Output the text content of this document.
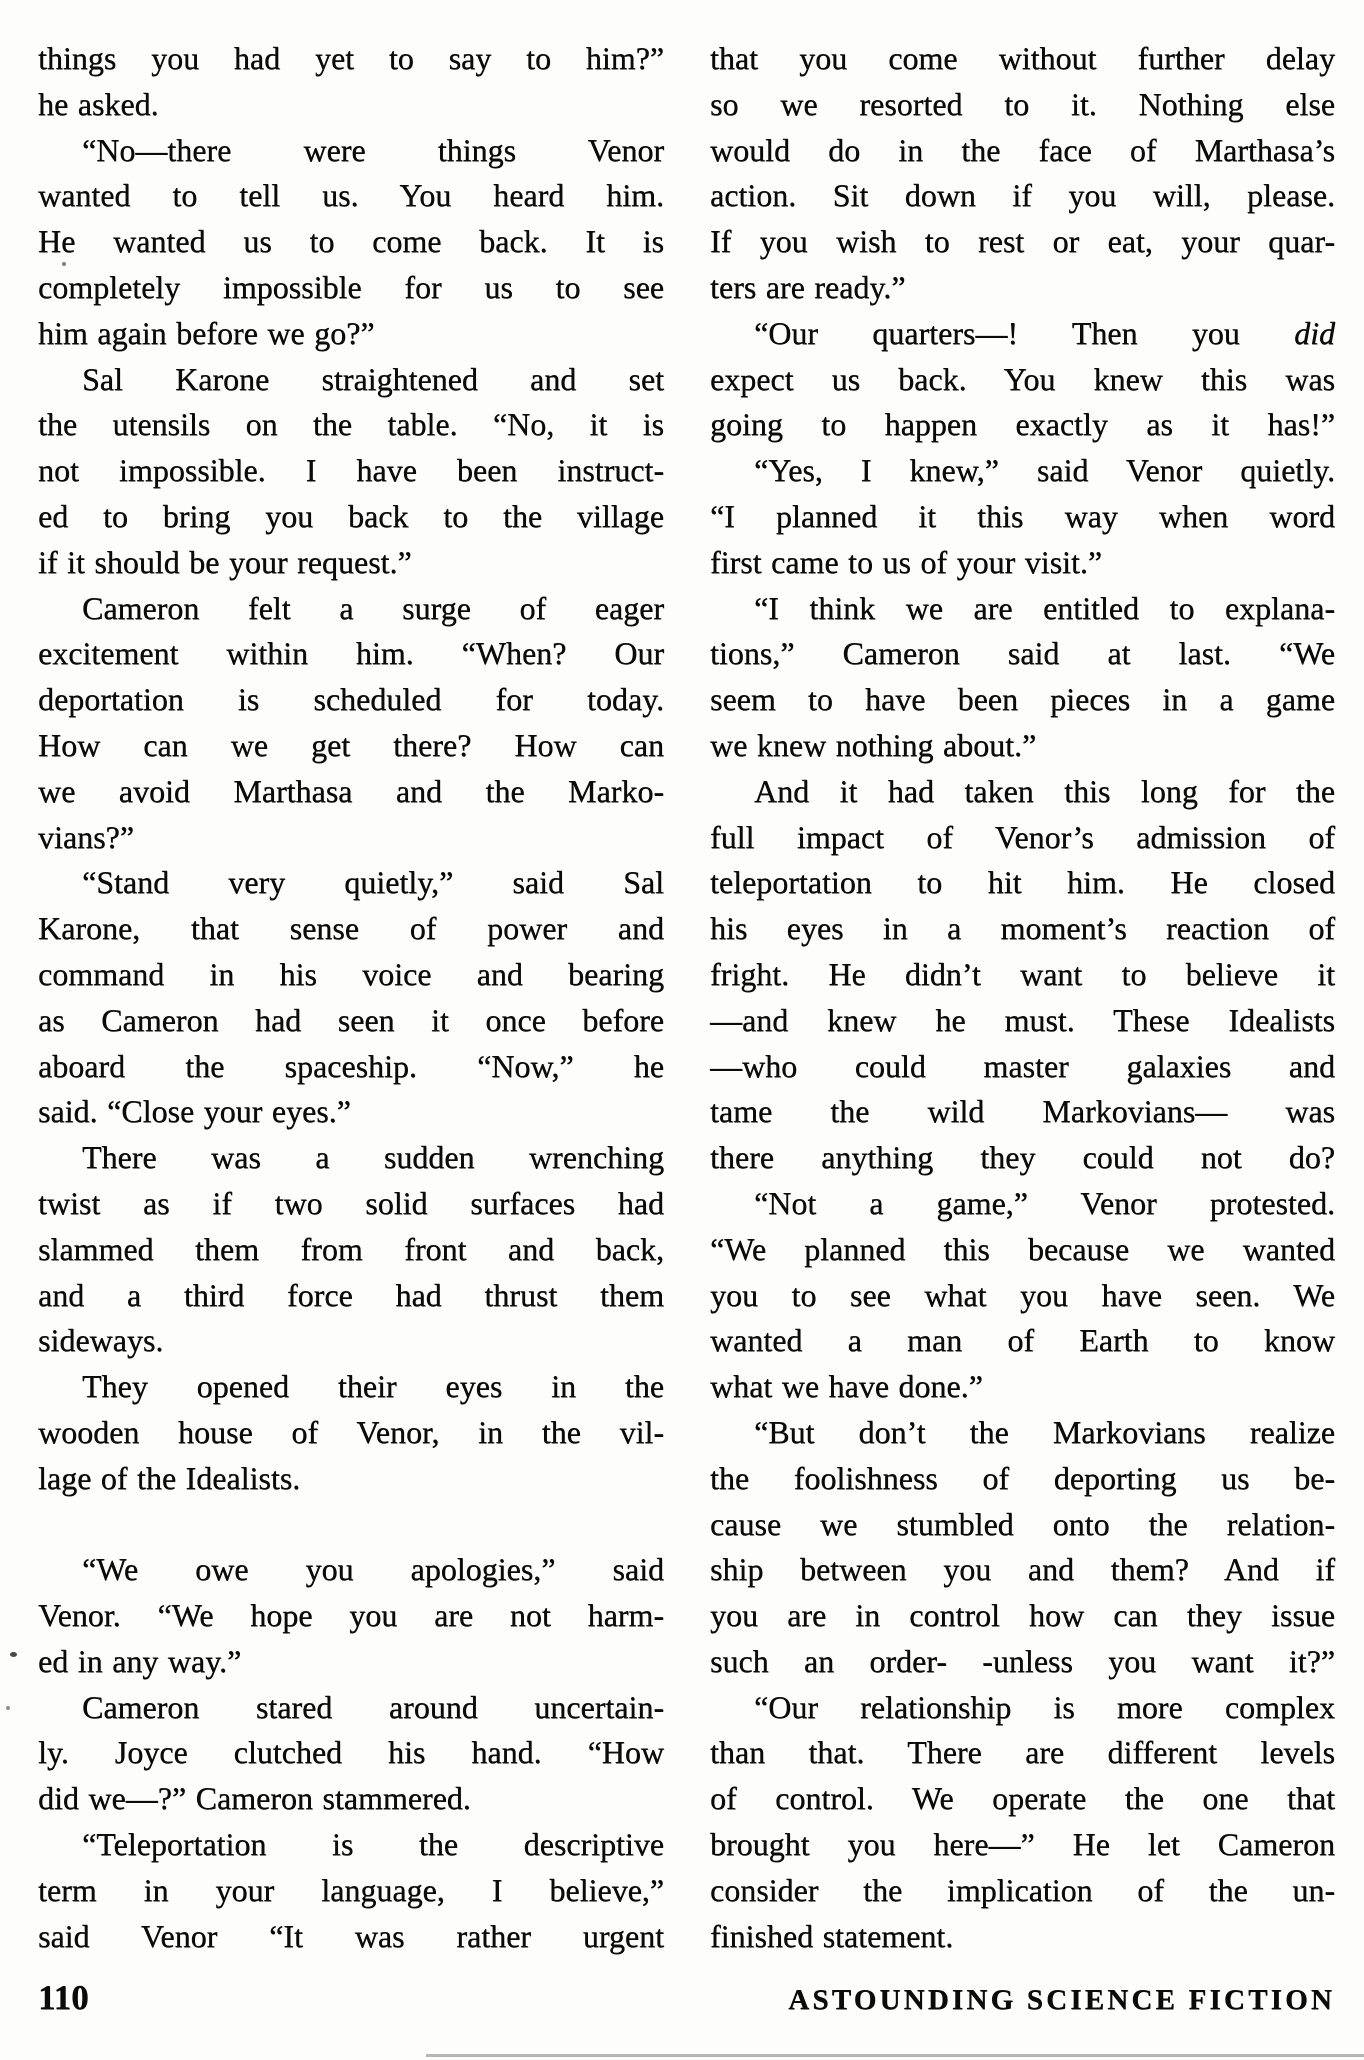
things you had yet to say to him?”
he asked.
“No—there were things Venor
wanted to tell us. You heard him.
He wanted us to come back. It is
completely impossible for us to see
him again before we go?”
Sal Karone straightened and set
the utensils on the table. “No, it is
not impossible. I have been instruct-
ed to bring you back to the village
if it should be your request.”
Cameron felt a surge of eager
excitement within him. “When? Our
deportation is scheduled for today.
How can we get there? How can
we avoid Marthasa and the Marko-
vians?”
“Stand very quietly,” said Sal
Karone, that sense of power and
command in his voice and bearing
as Cameron had seen it once before
aboard the spaceship. “Now,” he
said. “Close your eyes.”
There was a sudden wrenching
twist as if two solid surfaces had
slammed them from front and back,
and a third force had thrust them
sideways.
They opened their eyes in the
wooden house of Venor, in the vil-
lage of the Idealists.
“We owe you apologies,” said
Venor. “We hope you are not harm-
ed in any way.”
Cameron stared around uncertain-
ly. Joyce clutched his hand. “How
did we—?” Cameron stammered.
“Teleportation is the descriptive
term in your language, I believe,”
said Venor “It was rather urgent
that you come without further delay
so we resorted to it. Nothing else
would do in the face of Marthasa’s
action. Sit down if you will, please.
If you wish to rest or eat, your quar-
ters are ready.”
“Our quarters—! Then you did
expect us back. You knew this was
going to happen exactly as it has!”
“Yes, I knew,” said Venor quietly.
“I planned it this way when word
first came to us of your visit.”
“I think we are entitled to explana-
tions,” Cameron said at last. “We
seem to have been pieces in a game
we knew nothing about.”
And it had taken this long for the
full impact of Venor’s admission of
teleportation to hit him. He closed
his eyes in a moment’s reaction of
fright. He didn’t want to believe it
—and knew he must. These Idealists
—who could master galaxies and
tame the wild Markovians— was
there anything they could not do?
“Not a game,” Venor protested.
“We planned this because we wanted
you to see what you have seen. We
wanted a man of Earth to know
what we have done.”
“But don’t the Markovians realize
the foolishness of deporting us be-
cause we stumbled onto the relation-
ship between you and them? And if
you are in control how can they issue
such an order- -unless you want it?”
“Our relationship is more complex
than that. There are different levels
of control. We operate the one that
brought you here—” He let Cameron
consider the implication of the un-
finished statement.
110	ASTOUNDING SCIENCE FICTION
